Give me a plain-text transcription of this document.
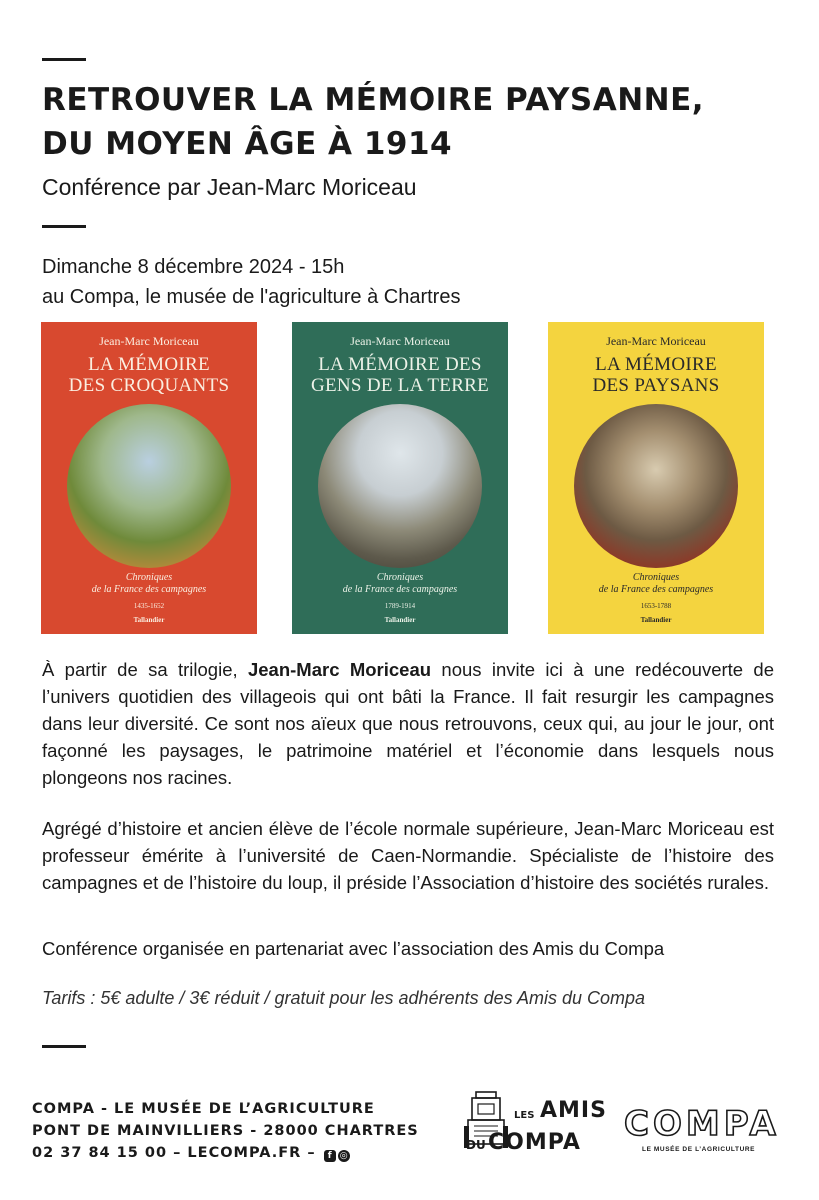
RETROUVER LA MÉMOIRE PAYSANNE,
DU MOYEN ÂGE À 1914

Conférence par Jean-Marc Moriceau

Dimanche 8 décembre 2024 - 15h
au Compa, le musée de l'agriculture à Chartres
Jean-Marc Moriceau
LA MÉMOIRE
DES CROQUANTS
Chroniques
de la France des campagnes
1435-1652
Tallandier
Jean-Marc Moriceau
LA MÉMOIRE DES
GENS DE LA TERRE
Chroniques
de la France des campagnes
1789-1914
Tallandier
Jean-Marc Moriceau
LA MÉMOIRE
DES PAYSANS
Chroniques
de la France des campagnes
1653-1788
Tallandier

À partir de sa trilogie, Jean-Marc Moriceau nous invite ici à une redécouverte de l’univers quotidien des villageois qui ont bâti la France. Il fait resurgir les campagnes dans leur diversité. Ce sont nos aïeux que nous retrouvons, ceux qui, au jour le jour, ont façonné les paysages, le patrimoine matériel et l’économie dans lesquels nous plongeons nos racines.

Agrégé d’histoire et ancien élève de l’école normale supérieure, Jean-Marc Moriceau est professeur émérite à l’université de Caen-Normandie. Spécialiste de l’histoire des campagnes et de l’histoire du loup, il préside l’Association d’histoire des sociétés rurales.

Conférence organisée en partenariat avec l’association des Amis du Compa

Tarifs : 5€ adulte / 3€ réduit / gratuit pour les adhérents des Amis du Compa
COMPA - LE MUSÉE DE L’AGRICULTURE
PONT DE MAINVILLIERS - 28000 CHARTRES
02 37 84 15 00 – LECOMPA.FR – f ◎
LES AMIS
DU COMPA COMPA
LE MUSÉE DE L’AGRICULTURE
